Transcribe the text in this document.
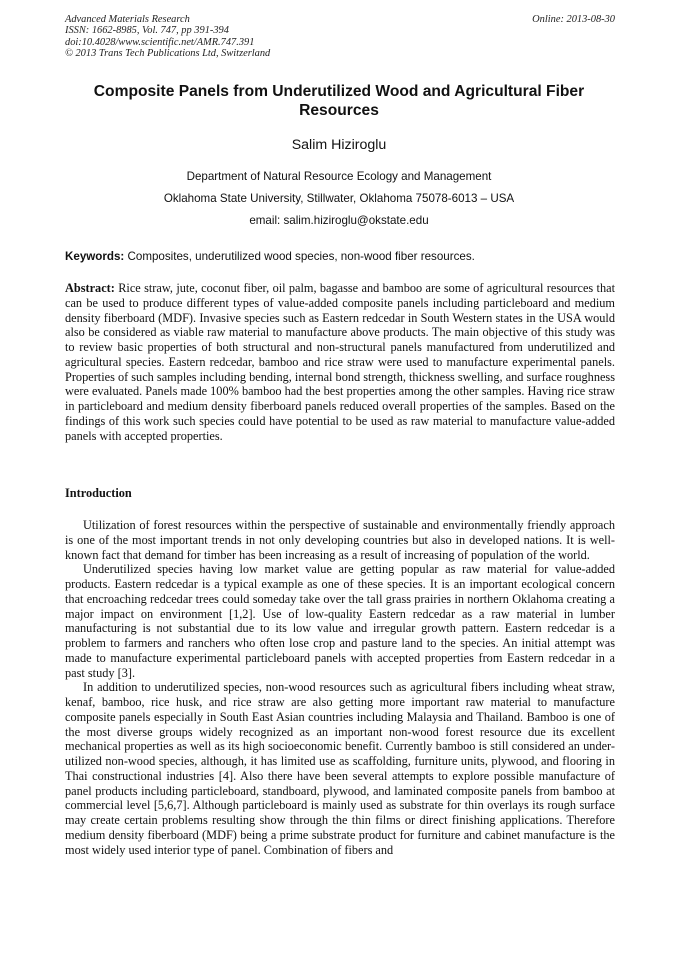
Advanced Materials Research
ISSN: 1662-8985, Vol. 747, pp 391-394
doi:10.4028/www.scientific.net/AMR.747.391
© 2013 Trans Tech Publications Ltd, Switzerland
Online: 2013-08-30
Composite Panels from Underutilized Wood and Agricultural Fiber Resources
Salim Hiziroglu
Department of Natural Resource Ecology and Management
Oklahoma State University, Stillwater, Oklahoma 75078-6013 – USA
email: salim.hiziroglu@okstate.edu
Keywords: Composites, underutilized wood species, non-wood fiber resources.
Abstract: Rice straw, jute, coconut fiber, oil palm, bagasse and bamboo are some of agricultural resources that can be used to produce different types of value-added composite panels including particleboard and medium density fiberboard (MDF). Invasive species such as Eastern redcedar in South Western states in the USA would also be considered as viable raw material to manufacture above products. The main objective of this study was to review basic properties of both structural and non-structural panels manufactured from underutilized and agricultural species. Eastern redcedar, bamboo and rice straw were used to manufacture experimental panels. Properties of such samples including bending, internal bond strength, thickness swelling, and surface roughness were evaluated. Panels made 100% bamboo had the best properties among the other samples. Having rice straw in particleboard and medium density fiberboard panels reduced overall properties of the samples. Based on the findings of this work such species could have potential to be used as raw material to manufacture value-added panels with accepted properties.
Introduction

Utilization of forest resources within the perspective of sustainable and environmentally friendly approach is one of the most important trends in not only developing countries but also in developed nations. It is well-known fact that demand for timber has been increasing as a result of increasing of population of the world.

Underutilized species having low market value are getting popular as raw material for value-added products. Eastern redcedar is a typical example as one of these species. It is an important ecological concern that encroaching redcedar trees could someday take over the tall grass prairies in northern Oklahoma creating a major impact on environment [1,2]. Use of low-quality Eastern redcedar as a raw material in lumber manufacturing is not substantial due to its low value and irregular growth pattern. Eastern redcedar is a problem to farmers and ranchers who often lose crop and pasture land to the species. An initial attempt was made to manufacture experimental particleboard panels with accepted properties from Eastern redcedar in a past study [3].

In addition to underutilized species, non-wood resources such as agricultural fibers including wheat straw, kenaf, bamboo, rice husk, and rice straw are also getting more important raw material to manufacture composite panels especially in South East Asian countries including Malaysia and Thailand. Bamboo is one of the most diverse groups widely recognized as an important non-wood forest resource due its excellent mechanical properties as well as its high socioeconomic benefit. Currently bamboo is still considered an under-utilized non-wood species, although, it has limited use as scaffolding, furniture units, plywood, and flooring in Thai constructional industries [4]. Also there have been several attempts to explore possible manufacture of panel products including particleboard, standboard, plywood, and laminated composite panels from bamboo at commercial level [5,6,7]. Although particleboard is mainly used as substrate for thin overlays its rough surface may create certain problems resulting show through the thin films or direct finishing applications. Therefore medium density fiberboard (MDF) being a prime substrate product for furniture and cabinet manufacture is the most widely used interior type of panel. Combination of fibers and
